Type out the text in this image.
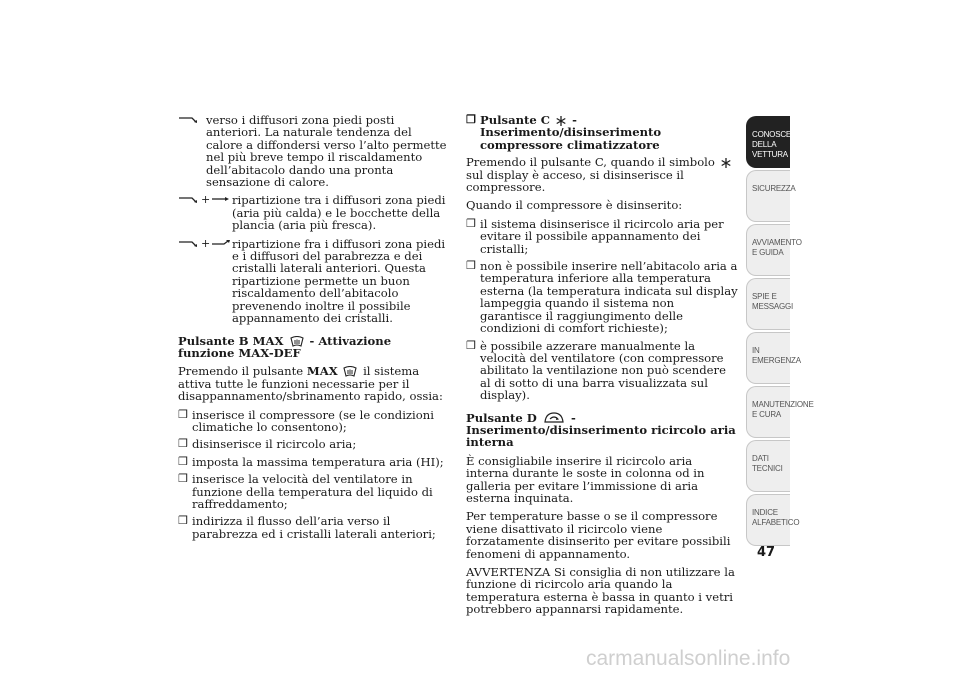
verso i diffusori zona piedi posti anteriori. La naturale tendenza del calore a diffondersi verso l’alto permette nel più breve tempo il riscaldamento dell’abitacolo dando una pronta sensazione di calore.
+ ripartizione tra i diffusori zona piedi (aria più calda) e le bocchette della plancia (aria più fresca).
+ ripartizione fra i diffusori zona piedi e i diffusori del parabrezza e dei cristalli laterali anteriori. Questa ripartizione permette un buon riscaldamento dell’abitacolo prevenendo inoltre il possibile appannamento dei cristalli.

Pulsante B MAX - Attivazione funzione MAX-DEF

Premendo il pulsante MAX il sistema attiva tutte le funzioni necessarie per il disappannamento/sbrinamento rapido, ossia:

❒ inserisce il compressore (se le condizioni climatiche lo consentono);
❒ disinserisce il ricircolo aria;
❒ imposta la massima temperatura aria (HI);
❒ inserisce la velocità del ventilatore in funzione della temperatura del liquido di raffreddamento;
❒ indirizza il flusso dell’aria verso il parabrezza ed i cristalli laterali anteriori;
❒ Pulsante C - Inserimento/disinserimento compressore climatizzatore

Premendo il pulsante C, quando il simbolo  sul display è acceso, si disinserisce il compressore.

Quando il compressore è disinserito:

❒ il sistema disinserisce il ricircolo aria per evitare il possibile appannamento dei cristalli;
❒ non è possibile inserire nell’abitacolo aria a temperatura inferiore alla temperatura esterna (la temperatura indicata sul display lampeggia quando il sistema non garantisce il raggiungimento delle condizioni di comfort richieste);
❒ è possibile azzerare manualmente la velocità del ventilatore (con compressore abilitato la ventilazione non può scendere al di sotto di una barra visualizzata sul display).

Pulsante D	- Inserimento/disinserimento ricircolo aria interna

È consigliabile inserire il ricircolo aria interna durante le soste in colonna od in galleria per evitare l’immissione di aria esterna inquinata.

Per temperature basse o se il compressore viene disattivato il ricircolo viene forzatamente disinserito per evitare possibili fenomeni di appannamento.

AVVERTENZA Si consiglia di non utilizzare la funzione di ricircolo aria quando la temperatura esterna è bassa in quanto i vetri potrebbero appannarsi rapidamente.

CONOSCENZA DELLA VETTURA
SICUREZZA
AVVIAMENTO E GUIDA
SPIE E MESSAGGI
IN EMERGENZA
MANUTENZIONE E CURA
DATI TECNICI
INDICE ALFABETICO
47
carmanualsonline.info
